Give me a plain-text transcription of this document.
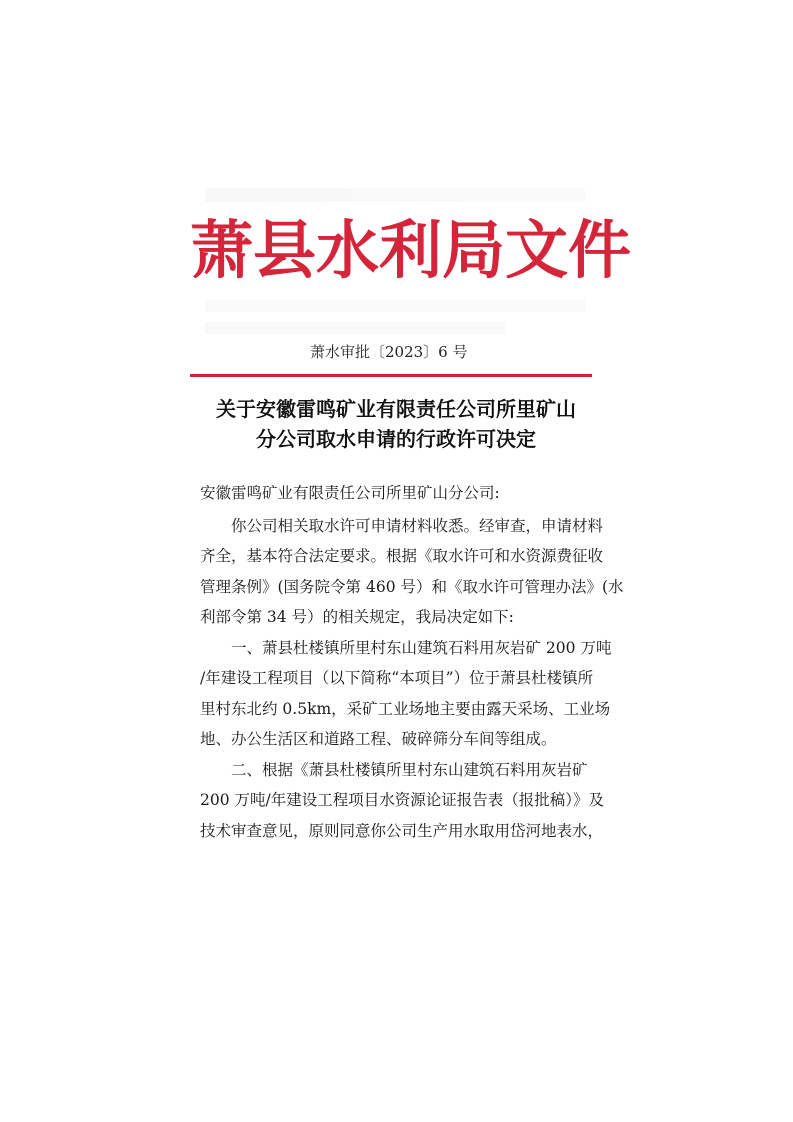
萧县水利局文件
萧水审批〔2023〕6 号
关于安徽雷鸣矿业有限责任公司所里矿山
分公司取水申请的行政许可决定
安徽雷鸣矿业有限责任公司所里矿山分公司:
你公司相关取水许可申请材料收悉。经审查，申请材料
齐全，基本符合法定要求。根据《取水许可和水资源费征收
管理条例》(国务院令第 460 号）和《取水许可管理办法》(水
利部令第 34 号）的相关规定，我局决定如下:
一、萧县杜楼镇所里村东山建筑石料用灰岩矿 200 万吨
/年建设工程项目（以下简称“本项目”）位于萧县杜楼镇所
里村东北约 0.5km，采矿工业场地主要由露天采场、工业场
地、办公生活区和道路工程、破碎筛分车间等组成。
二、根据《萧县杜楼镇所里村东山建筑石料用灰岩矿
200 万吨/年建设工程项目水资源论证报告表（报批稿）》及
技术审查意见，原则同意你公司生产用水取用岱河地表水，
